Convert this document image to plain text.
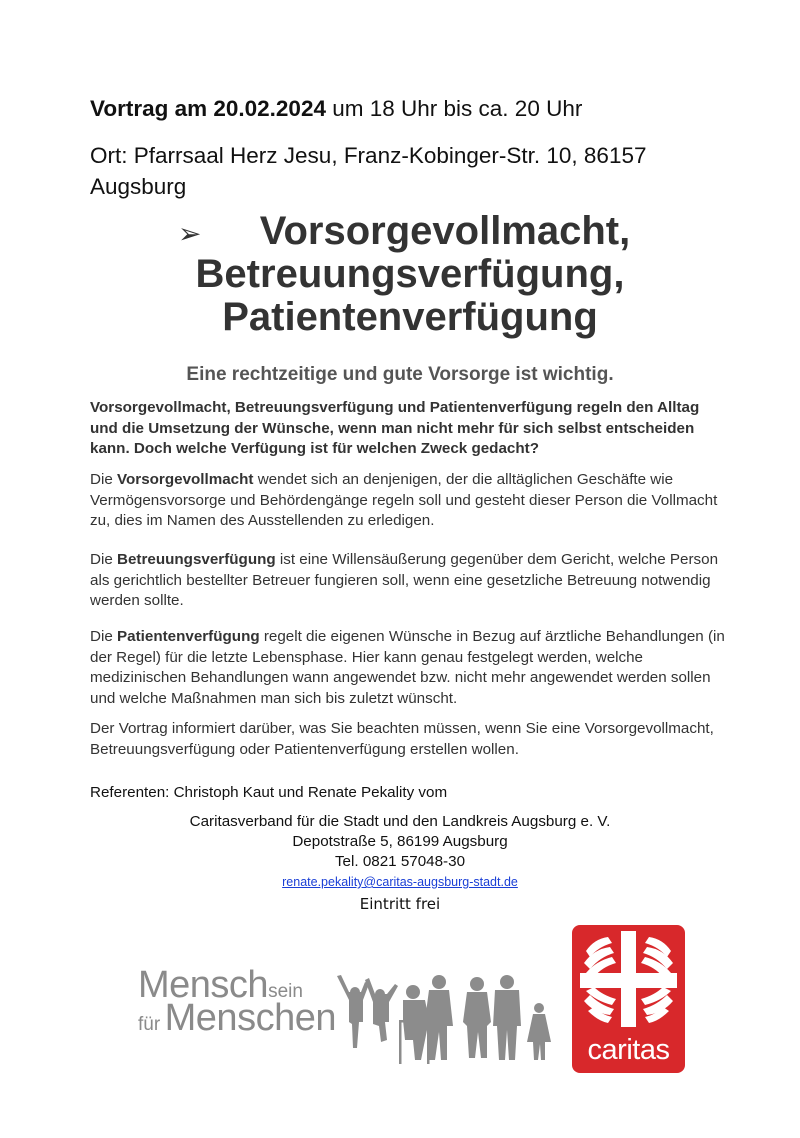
Vortrag am 20.02.2024 um 18 Uhr bis ca. 20 Uhr
Ort: Pfarrsaal Herz Jesu, Franz-Kobinger-Str. 10, 86157 Augsburg
➢	Vorsorgevollmacht,
Betreuungsverfügung,
Patientenverfügung
Eine rechtzeitige und gute Vorsorge ist wichtig.
Vorsorgevollmacht, Betreuungsverfügung und Patientenverfügung regeln den Alltag und die Umsetzung der Wünsche, wenn man nicht mehr für sich selbst entscheiden kann. Doch welche Verfügung ist für welchen Zweck gedacht?
Die Vorsorgevollmacht wendet sich an denjenigen, der die alltäglichen Geschäfte wie Vermögensvorsorge und Behördengänge regeln soll und gesteht dieser Person die Vollmacht zu, dies im Namen des Ausstellenden zu erledigen.
Die Betreuungsverfügung ist eine Willensäußerung gegenüber dem Gericht, welche Person als gerichtlich bestellter Betreuer fungieren soll, wenn eine gesetzliche Betreuung notwendig werden sollte.
Die Patientenverfügung regelt die eigenen Wünsche in Bezug auf ärztliche Behandlungen (in der Regel) für die letzte Lebensphase. Hier kann genau festgelegt werden, welche medizinischen Behandlungen wann angewendet bzw. nicht mehr angewendet werden sollen und welche Maßnahmen man sich bis zuletzt wünscht.
Der Vortrag informiert darüber, was Sie beachten müssen, wenn Sie eine Vorsorgevollmacht, Betreuungsverfügung oder Patientenverfügung erstellen wollen.
Referenten: Christoph Kaut und Renate Pekality vom
Caritasverband für die Stadt und den Landkreis Augsburg e. V.
Depotstraße 5, 86199 Augsburg
Tel. 0821 57048-30
renate.pekality@caritas-augsburg-stadt.de
Eintritt frei
Menschsein
für Menschen
caritas
